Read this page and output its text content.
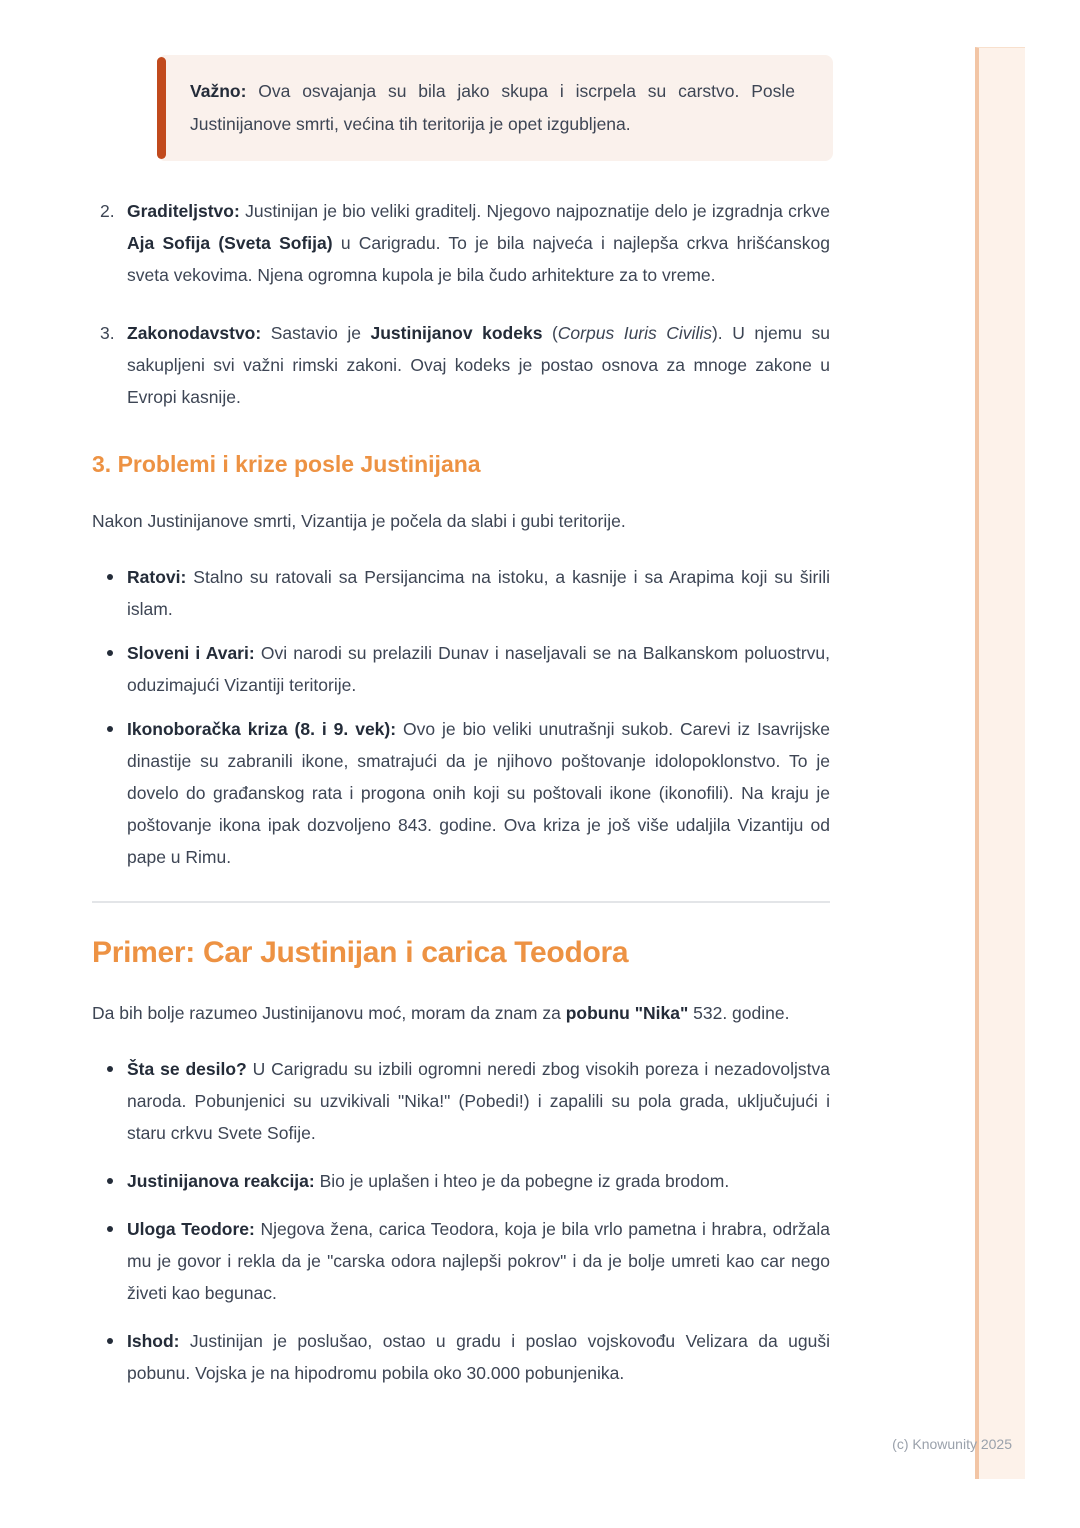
(c) Knowunity 2025

Važno: Ova osvajanja su bila jako skupa i iscrpela su carstvo. Posle Justinijanove smrti, većina tih teritorija je opet izgubljena.

2. Graditeljstvo: Justinijan je bio veliki graditelj. Njegovo najpoznatije delo je izgradnja crkve Aja Sofija (Sveta Sofija) u Carigradu. To je bila najveća i najlepša crkva hrišćanskog sveta vekovima. Njena ogromna kupola je bila čudo arhitekture za to vreme.
3. Zakonodavstvo: Sastavio je Justinijanov kodeks (Corpus Iuris Civilis). U njemu su sakupljeni svi važni rimski zakoni. Ovaj kodeks je postao osnova za mnoge zakone u Evropi kasnije.
3. Problemi i krize posle Justinijana

Nakon Justinijanove smrti, Vizantija je počela da slabi i gubi teritorije.

Ratovi: Stalno su ratovali sa Persijancima na istoku, a kasnije i sa Arapima koji su širili islam.
Sloveni i Avari: Ovi narodi su prelazili Dunav i naseljavali se na Balkanskom poluostrvu, oduzimajući Vizantiji teritorije.
Ikonoboračka kriza (8. i 9. vek): Ovo je bio veliki unutrašnji sukob. Carevi iz Isavrijske dinastije su zabranili ikone, smatrajući da je njihovo poštovanje idolopoklonstvo. To je dovelo do građanskog rata i progona onih koji su poštovali ikone (ikonofili). Na kraju je poštovanje ikona ipak dozvoljeno 843. godine. Ova kriza je još više udaljila Vizantiju od pape u Rimu.
Primer: Car Justinijan i carica Teodora

Da bih bolje razumeo Justinijanovu moć, moram da znam za pobunu "Nika" 532. godine.

Šta se desilo? U Carigradu su izbili ogromni neredi zbog visokih poreza i nezadovoljstva naroda. Pobunjenici su uzvikivali "Nika!" (Pobedi!) i zapalili su pola grada, uključujući i staru crkvu Svete Sofije.
Justinijanova reakcija: Bio je uplašen i hteo je da pobegne iz grada brodom.
Uloga Teodore: Njegova žena, carica Teodora, koja je bila vrlo pametna i hrabra, održala mu je govor i rekla da je "carska odora najlepši pokrov" i da je bolje umreti kao car nego živeti kao begunac.
Ishod: Justinijan je poslušao, ostao u gradu i poslao vojskovođu Velizara da uguši pobunu. Vojska je na hipodromu pobila oko 30.000 pobunjenika.
